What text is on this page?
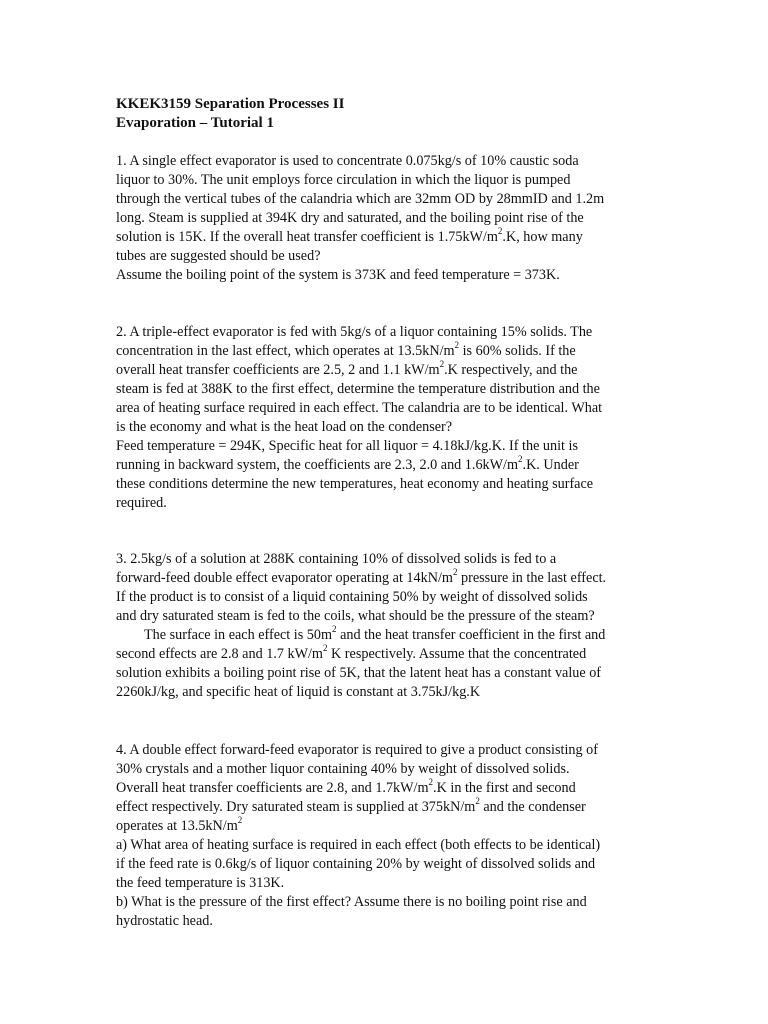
KKEK3159 Separation Processes II
Evaporation – Tutorial 1
1. A single effect evaporator is used to concentrate 0.075kg/s of 10% caustic soda
liquor to 30%. The unit employs force circulation in which the liquor is pumped
through the vertical tubes of the calandria which are 32mm OD by 28mmID and 1.2m
long. Steam is supplied at 394K dry and saturated, and the boiling point rise of the
solution is 15K. If the overall heat transfer coefficient is $1.75kW/m^2.K$, how many
tubes are suggested should be used?
Assume the boiling point of the system is 373K and feed temperature = 373K.
2. A triple-effect evaporator is fed with 5kg/s of a liquor containing 15% solids. The
concentration in the last effect, which operates at $13.5kN/m^2$ is 60% solids. If the
overall heat transfer coefficients are 2.5, 2 and 1.1 $kW/m^2.K$ respectively, and the
steam is fed at 388K to the first effect, determine the temperature distribution and the
area of heating surface required in each effect. The calandria are to be identical. What
is the economy and what is the heat load on the condenser?
Feed temperature = 294K, Specific heat for all liquor = 4.18kJ/kg.K. If the unit is
running in backward system, the coefficients are 2.3, 2.0 and $1.6kW/m^2.K$. Under
these conditions determine the new temperatures, heat economy and heating surface
required.
3. 2.5kg/s of a solution at 288K containing 10% of dissolved solids is fed to a
forward-feed double effect evaporator operating at $14kN/m^2$ pressure in the last effect.
If the product is to consist of a liquid containing 50% by weight of dissolved solids
and dry saturated steam is fed to the coils, what should be the pressure of the steam?
The surface in each effect is $50m^2$ and the heat transfer coefficient in the first and
second effects are 2.8 and 1.7 $kW/m^2$ K respectively. Assume that the concentrated
solution exhibits a boiling point rise of 5K, that the latent heat has a constant value of
2260kJ/kg, and specific heat of liquid is constant at 3.75kJ/kg.K
4. A double effect forward-feed evaporator is required to give a product consisting of
30% crystals and a mother liquor containing 40% by weight of dissolved solids.
Overall heat transfer coefficients are 2.8, and $1.7kW/m^2.K$ in the first and second
effect respectively. Dry saturated steam is supplied at $375kN/m^2$ and the condenser
operates at $13.5kN/m^2$
a) What area of heating surface is required in each effect (both effects to be identical)
if the feed rate is 0.6kg/s of liquor containing 20% by weight of dissolved solids and
the feed temperature is 313K.
b) What is the pressure of the first effect? Assume there is no boiling point rise and
hydrostatic head.
